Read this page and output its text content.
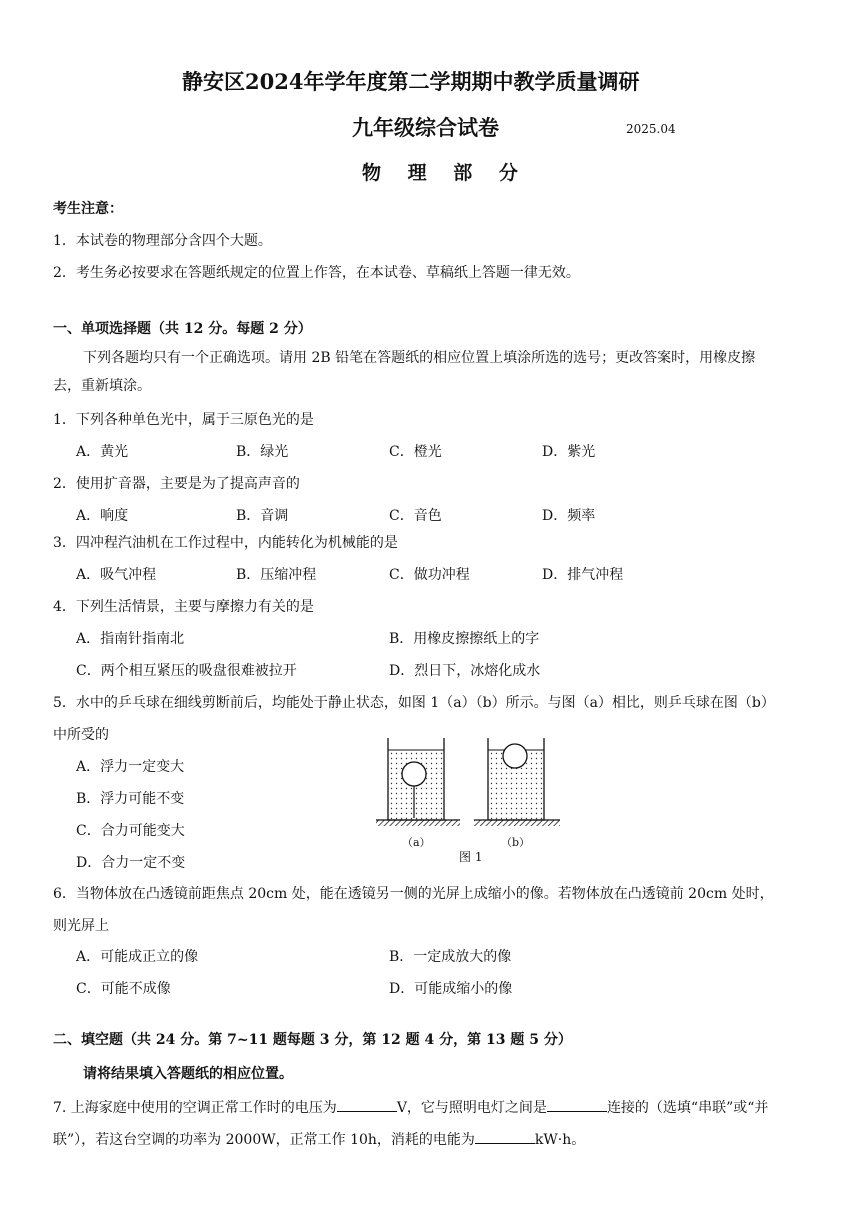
静安区2024年学年度第二学期期中教学质量调研
九年级综合试卷	2025.04
物 理 部 分
考生注意：
1．本试卷的物理部分含四个大题。
2．考生务必按要求在答题纸规定的位置上作答，在本试卷、草稿纸上答题一律无效。
一、单项选择题（共 12 分。每题 2 分）
下列各题均只有一个正确选项。请用 2B 铅笔在答题纸的相应位置上填涂所选的选号；更改答案时，用橡皮擦
去，重新填涂。
1．下列各种单色光中，属于三原色光的是
A．黄光	B．绿光	C．橙光	D．紫光
2．使用扩音器，主要是为了提高声音的
A．响度	B．音调	C．音色	D．频率
3．四冲程汽油机在工作过程中，内能转化为机械能的是
A．吸气冲程	B．压缩冲程	C．做功冲程	D．排气冲程
4．下列生活情景，主要与摩擦力有关的是
A．指南针指南北	B．用橡皮擦擦纸上的字
C．两个相互紧压的吸盘很难被拉开	D．烈日下，冰熔化成水
5．水中的乒乓球在细线剪断前后，均能处于静止状态，如图 1（a）（b）所示。与图（a）相比，则乒乓球在图（b）
中所受的
A．浮力一定变大
B．浮力可能不变
C．合力可能变大
D．合力一定不变
（a）	（b）
图 1
6．当物体放在凸透镜前距焦点 20cm 处，能在透镜另一侧的光屏上成缩小的像。若物体放在凸透镜前 20cm 处时，
则光屏上
A．可能成正立的像	B．一定成放大的像
C．可能不成像	D．可能成缩小的像
二、填空题（共 24 分。第 7~11 题每题 3 分，第 12 题 4 分，第 13 题 5 分）
请将结果填入答题纸的相应位置。
7. 上海家庭中使用的空调正常工作时的电压为	V，它与照明电灯之间是	连接的（选填“串联”或“并
联”），若这台空调的功率为 2000W，正常工作 10h，消耗的电能为	kW·h。
